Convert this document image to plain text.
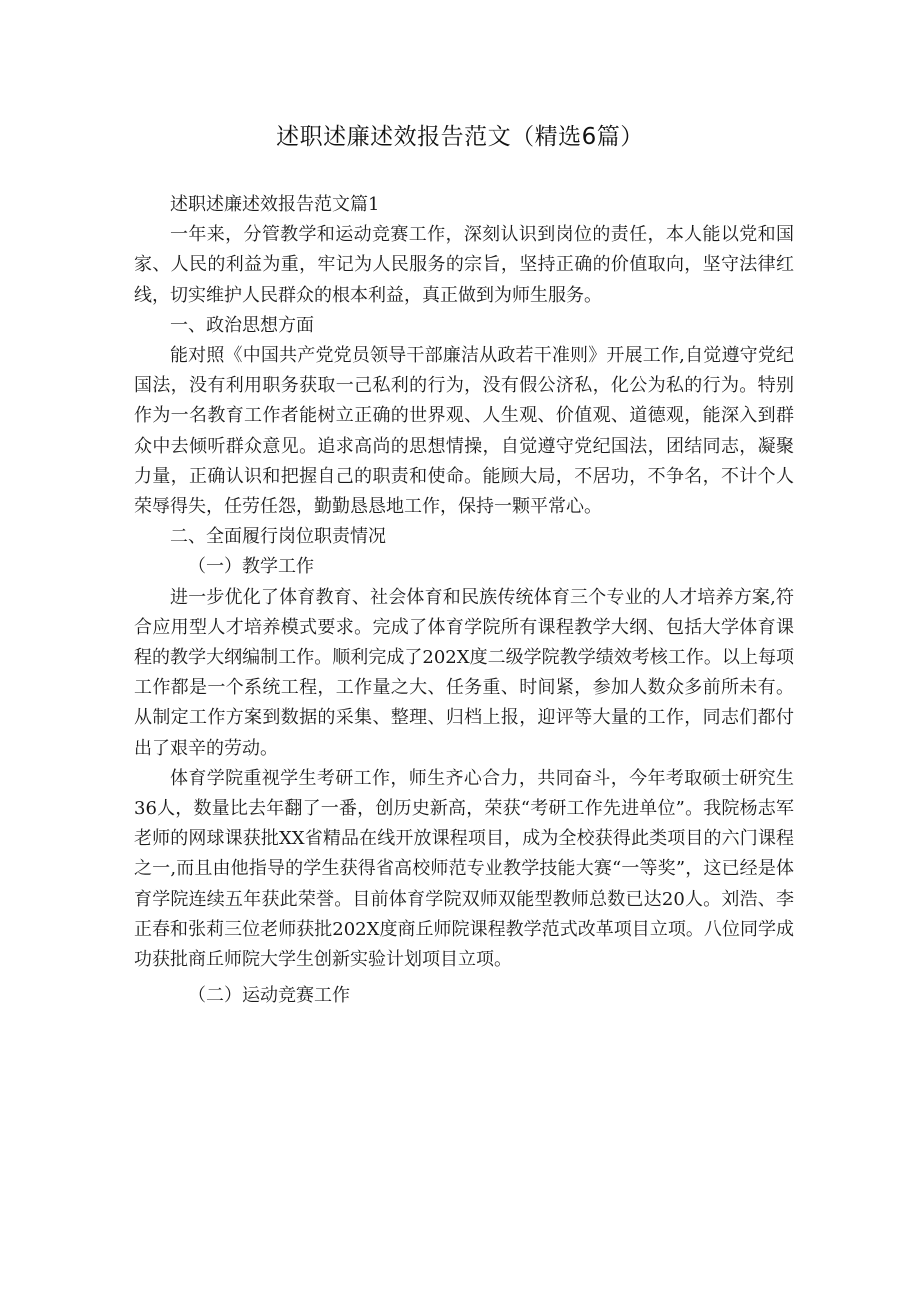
述职述廉述效报告范文（精选6篇）

述职述廉述效报告范文篇1

一年来，分管教学和运动竞赛工作，深刻认识到岗位的责任，本人能以党和国家、人民的利益为重，牢记为人民服务的宗旨，坚持正确的价值取向，坚守法律红线，切实维护人民群众的根本利益，真正做到为师生服务。

一、政治思想方面

能对照《中国共产党党员领导干部廉洁从政若干准则》开展工作,自觉遵守党纪国法，没有利用职务获取一己私利的行为，没有假公济私，化公为私的行为。特别作为一名教育工作者能树立正确的世界观、人生观、价值观、道德观，能深入到群众中去倾听群众意见。追求高尚的思想情操，自觉遵守党纪国法，团结同志，凝聚力量，正确认识和把握自己的职责和使命。能顾大局，不居功，不争名，不计个人荣辱得失，任劳任怨，勤勤恳恳地工作，保持一颗平常心。

二、全面履行岗位职责情况

（一）教学工作

进一步优化了体育教育、社会体育和民族传统体育三个专业的人才培养方案,符合应用型人才培养模式要求。完成了体育学院所有课程教学大纲、包括大学体育课程的教学大纲编制工作。顺利完成了202X度二级学院教学绩效考核工作。以上每项工作都是一个系统工程，工作量之大、任务重、时间紧，参加人数众多前所未有。从制定工作方案到数据的采集、整理、归档上报，迎评等大量的工作，同志们都付出了艰辛的劳动。

体育学院重视学生考研工作，师生齐心合力，共同奋斗，今年考取硕士研究生36人，数量比去年翻了一番，创历史新高，荣获“考研工作先进单位”。我院杨志军老师的网球课获批XX省精品在线开放课程项目，成为全校获得此类项目的六门课程之一,而且由他指导的学生获得省高校师范专业教学技能大赛“一等奖”，这已经是体育学院连续五年获此荣誉。目前体育学院双师双能型教师总数已达20人。刘浩、李正春和张莉三位老师获批202X度商丘师院课程教学范式改革项目立项。八位同学成功获批商丘师院大学生创新实验计划项目立项。

（二）运动竞赛工作
